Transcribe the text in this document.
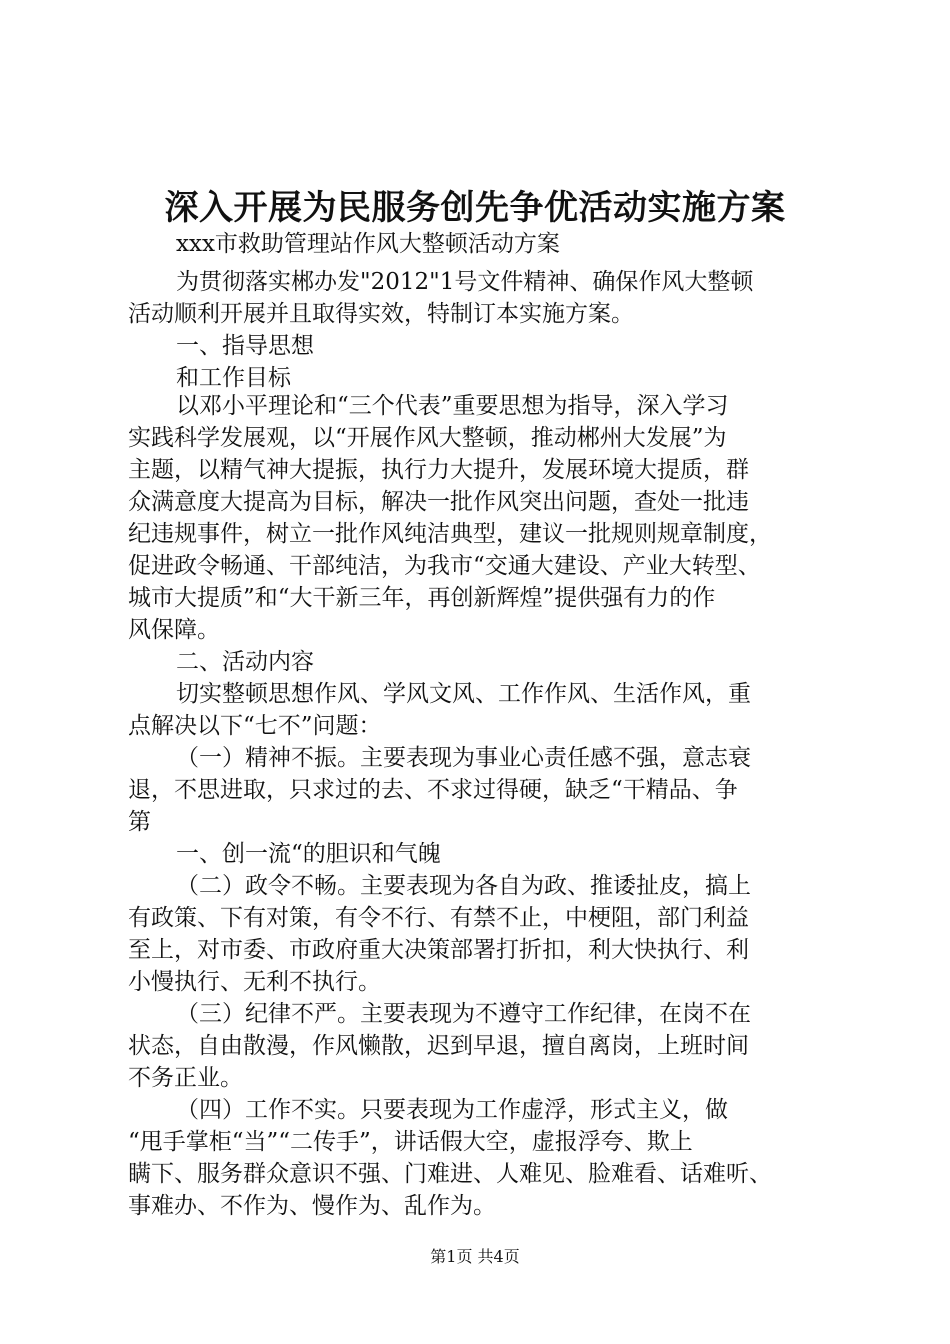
深入开展为民服务创先争优活动实施方案
xxx市救助管理站作风大整顿活动方案
为贯彻落实郴办发"2012"1号文件精神、确保作风大整顿
活动顺利开展并且取得实效，特制订本实施方案。
一、指导思想
和工作目标
以邓小平理论和“三个代表”重要思想为指导，深入学习
实践科学发展观，以“开展作风大整顿，推动郴州大发展”为
主题，以精气神大提振，执行力大提升，发展环境大提质，群
众满意度大提高为目标，解决一批作风突出问题，查处一批违
纪违规事件，树立一批作风纯洁典型，建议一批规则规章制度，
促进政令畅通、干部纯洁，为我市“交通大建设、产业大转型、
城市大提质”和“大干新三年，再创新辉煌”提供强有力的作
风保障。
二、活动内容
切实整顿思想作风、学风文风、工作作风、生活作风，重
点解决以下“七不”问题：
（一）精神不振。主要表现为事业心责任感不强，意志衰
退，不思进取，只求过的去、不求过得硬，缺乏“干精品、争
第
一、创一流“的胆识和气魄
（二）政令不畅。主要表现为各自为政、推诿扯皮，搞上
有政策、下有对策，有令不行、有禁不止，中梗阻，部门利益
至上，对市委、市政府重大决策部署打折扣，利大快执行、利
小慢执行、无利不执行。
（三）纪律不严。主要表现为不遵守工作纪律，在岗不在
状态，自由散漫，作风懒散，迟到早退，擅自离岗，上班时间
不务正业。
（四）工作不实。只要表现为工作虚浮，形式主义，做
“甩手掌柜“当”“二传手”，讲话假大空，虚报浮夸、欺上
瞒下、服务群众意识不强、门难进、人难见、脸难看、话难听、
事难办、不作为、慢作为、乱作为。
第1页 共4页
